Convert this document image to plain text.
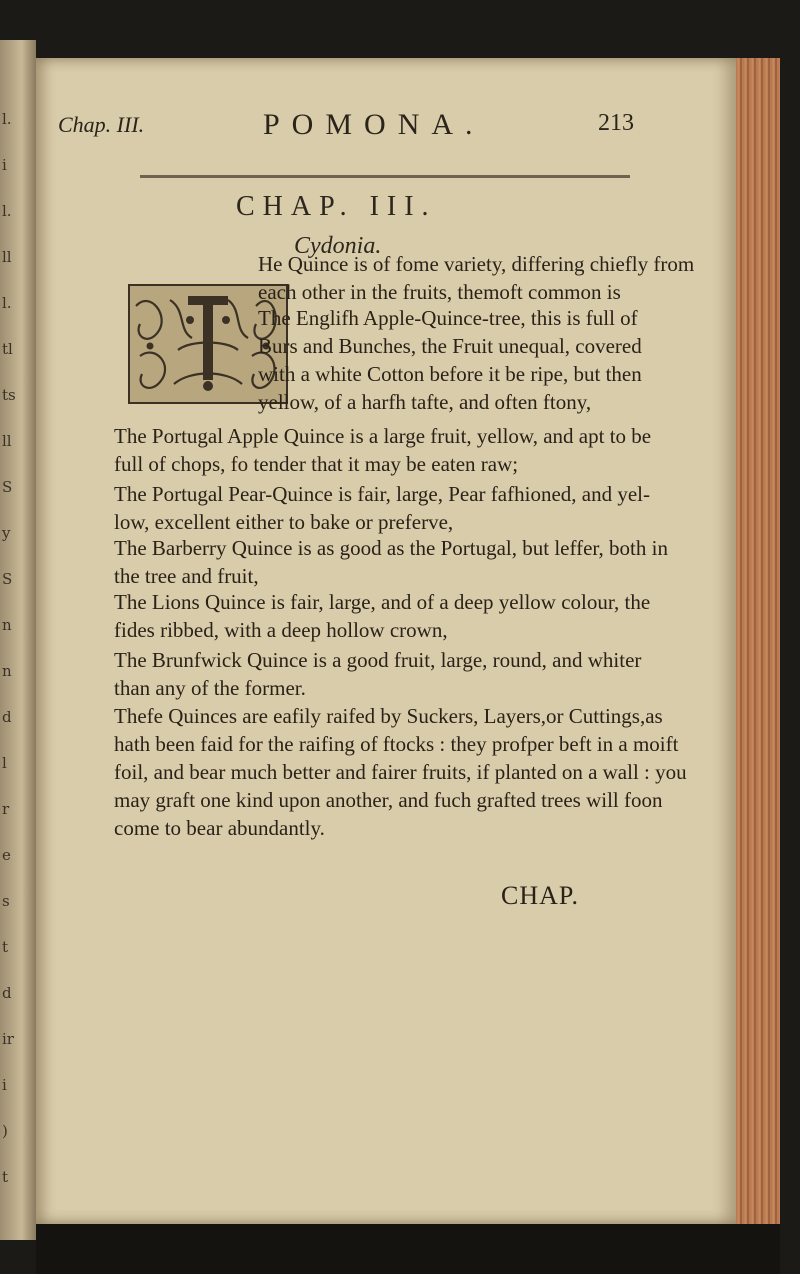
l.
i
l.
ll
l.
tl
ts
ll
S
y
S
n
n
d
l
r
e
s
t
d
ir
i
)
t
Chap. III.	POMONA.	213
CHAP. III.
Cydonia.
He Quince is of fome variety, differing chiefly from
each other in the fruits, themoft common is
The Englifh Apple-Quince-tree, this is full of
Burs and Bunches, the Fruit unequal, covered
with a white Cotton before it be ripe, but then
yellow, of a harfh tafte, and often ftony,
The Portugal Apple Quince is a large fruit, yellow, and apt to be
full of chops, fo tender that it may be eaten raw;
The Portugal Pear-Quince is fair, large, Pear fafhioned, and yel-
low, excellent either to bake or preferve,
The Barberry Quince is as good as the Portugal, but leffer, both in
the tree and fruit,
The Lions Quince is fair, large, and of a deep yellow colour, the
fides ribbed, with a deep hollow crown,
The Brunfwick Quince is a good fruit, large, round, and whiter
than any of the former.
Thefe Quinces are eafily raifed by Suckers, Layers,or Cuttings,as
hath been faid for the raifing of ftocks : they profper beft in a moift
foil, and bear much better and fairer fruits, if planted on a wall : you
may graft one kind upon another, and fuch grafted trees will foon
come to bear abundantly.
CHAP.
